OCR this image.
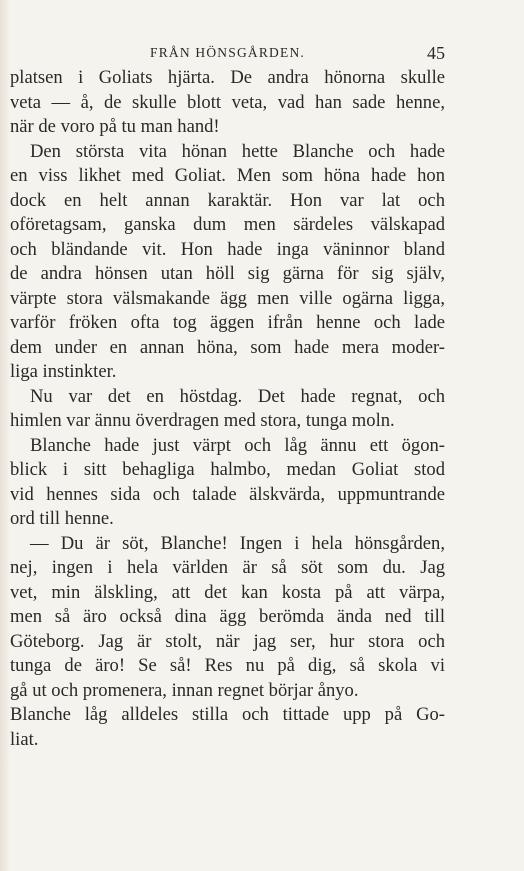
FRÅN HÖNSGÅRDEN.	45
platsen i Goliats hjärta. De andra hönorna skulle
veta — å, de skulle blott veta, vad han sade henne,
när de voro på tu man hand!
Den största vita hönan hette Blanche och hade
en viss likhet med Goliat. Men som höna hade hon
dock en helt annan karaktär. Hon var lat och
oföretagsam, ganska dum men särdeles välskapad
och bländande vit. Hon hade inga väninnor bland
de andra hönsen utan höll sig gärna för sig själv,
värpte stora välsmakande ägg men ville ogärna ligga,
varför fröken ofta tog äggen ifrån henne och lade
dem under en annan höna, som hade mera moder-
liga instinkter.
Nu var det en höstdag. Det hade regnat, och
himlen var ännu överdragen med stora, tunga moln.
Blanche hade just värpt och låg ännu ett ögon-
blick i sitt behagliga halmbo, medan Goliat stod
vid hennes sida och talade älskvärda, uppmuntrande
ord till henne.
— Du är söt, Blanche! Ingen i hela hönsgården,
nej, ingen i hela världen är så söt som du. Jag
vet, min älskling, att det kan kosta på att värpa,
men så äro också dina ägg berömda ända ned till
Göteborg. Jag är stolt, när jag ser, hur stora och
tunga de äro! Se så! Res nu på dig, så skola vi
gå ut och promenera, innan regnet börjar ånyo.
Blanche låg alldeles stilla och tittade upp på Go-
liat.
